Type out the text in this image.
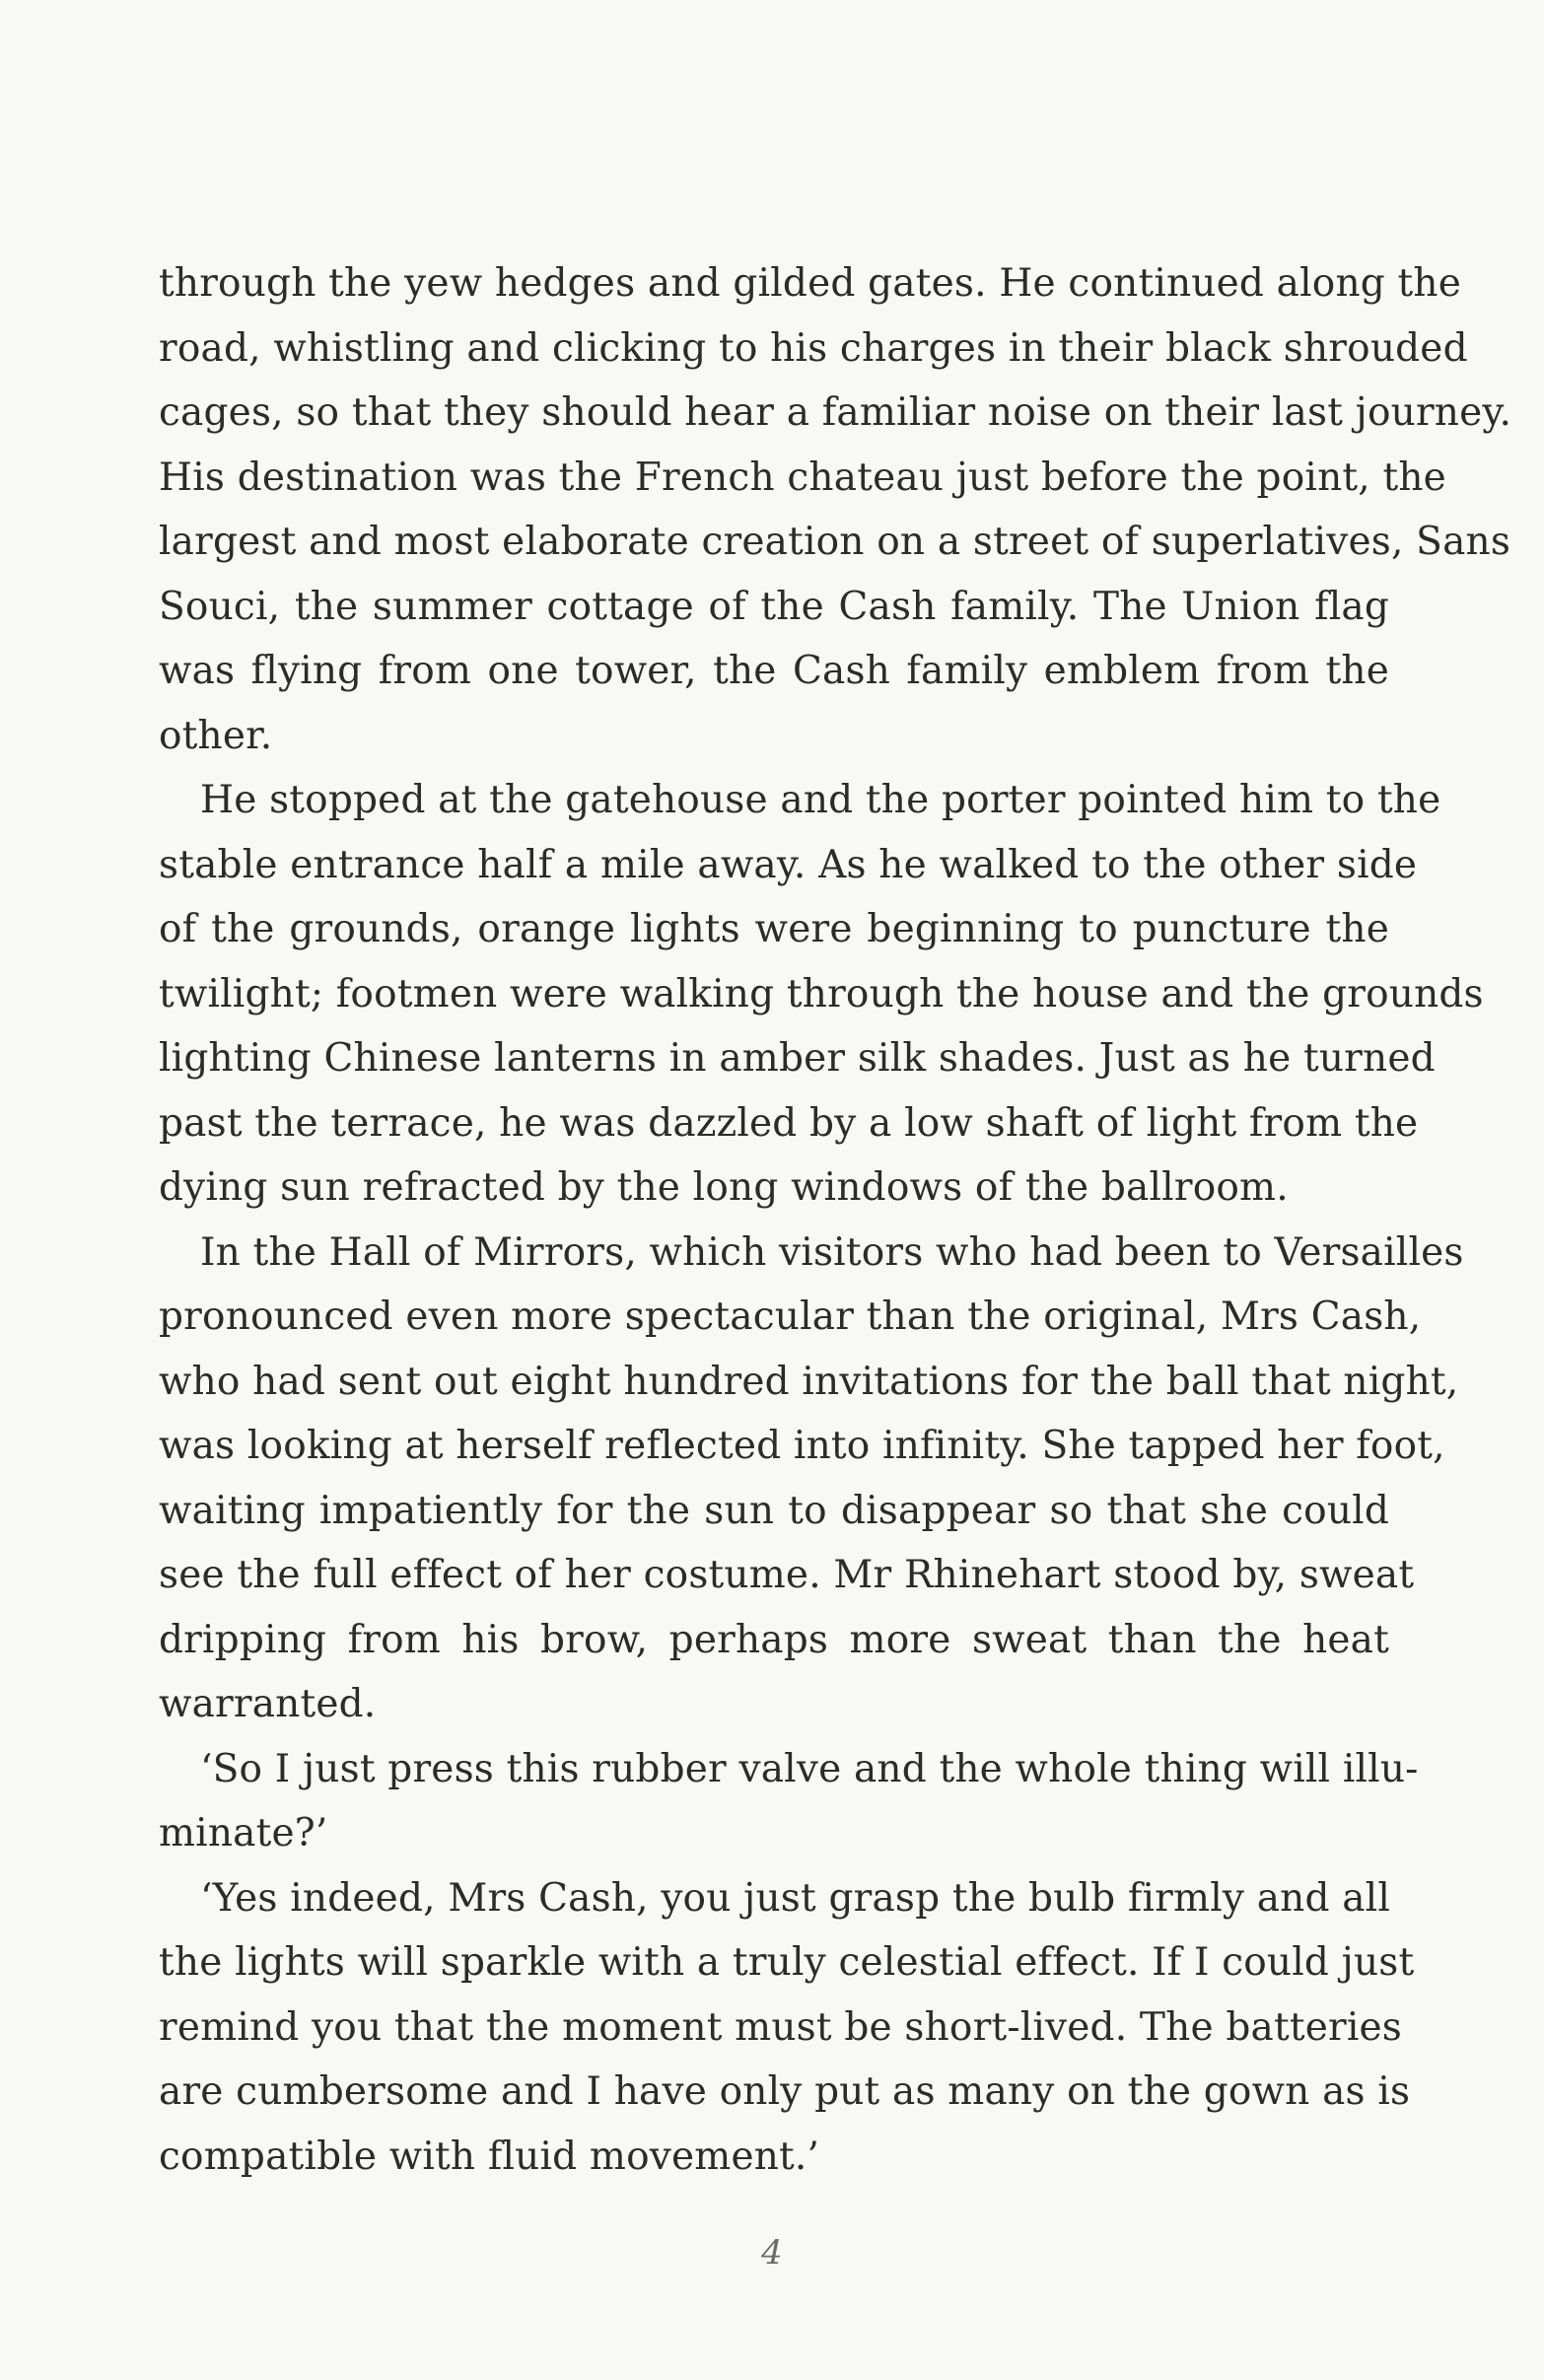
through the yew hedges and gilded gates. He continued along the
road, whistling and clicking to his charges in their black shrouded
cages, so that they should hear a familiar noise on their last journey.
His destination was the French chateau just before the point, the
largest and most elaborate creation on a street of superlatives, Sans
Souci, the summer cottage of the Cash family. The Union flag
was flying from one tower, the Cash family emblem from the
other.
He stopped at the gatehouse and the porter pointed him to the
stable entrance half a mile away. As he walked to the other side
of the grounds, orange lights were beginning to puncture the
twilight; footmen were walking through the house and the grounds
lighting Chinese lanterns in amber silk shades. Just as he turned
past the terrace, he was dazzled by a low shaft of light from the
dying sun refracted by the long windows of the ballroom.
In the Hall of Mirrors, which visitors who had been to Versailles
pronounced even more spectacular than the original, Mrs Cash,
who had sent out eight hundred invitations for the ball that night,
was looking at herself reflected into infinity. She tapped her foot,
waiting impatiently for the sun to disappear so that she could
see the full effect of her costume. Mr Rhinehart stood by, sweat
dripping from his brow, perhaps more sweat than the heat
warranted.
‘So I just press this rubber valve and the whole thing will illu-
minate?’
‘Yes indeed, Mrs Cash, you just grasp the bulb firmly and all
the lights will sparkle with a truly celestial effect. If I could just
remind you that the moment must be short-lived. The batteries
are cumbersome and I have only put as many on the gown as is
compatible with fluid movement.’
4
